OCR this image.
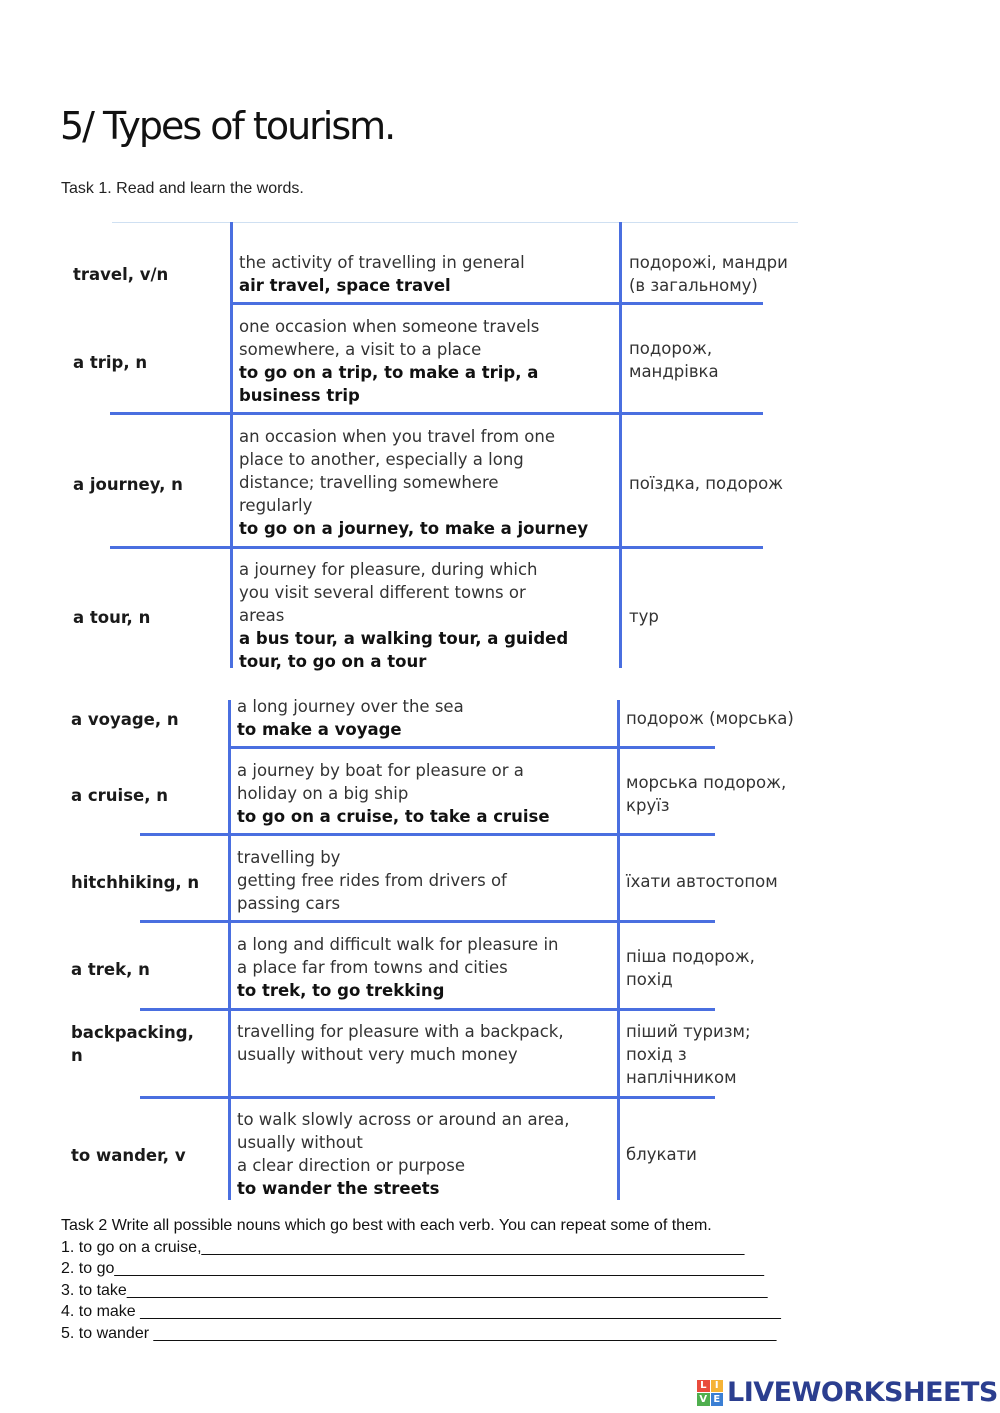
5/ Types of tourism.
Task 1. Read and learn the words.
travel, v/n
the activity of travelling in general
air travel, space travel
подорожі, мандри
(в загальному)
a trip, n
one occasion when someone travels
somewhere, a visit to a place
to go on a trip, to make a trip, a
business trip
подорож,
мандрівка
a journey, n
an occasion when you travel from one
place to another, especially a long
distance; travelling somewhere
regularly
to go on a journey, to make a journey
поїздка, подорож
a tour, n
a journey for pleasure, during which
you visit several different towns or
areas
a bus tour, a walking tour, a guided
tour, to go on a tour
тур
a voyage, n
a long journey over the sea
to make a voyage
подорож (морська)
a cruise, n
a journey by boat for pleasure or a
holiday on a big ship
to go on a cruise, to take a cruise
морська подорож,
круїз
hitchhiking, n
travelling by
getting free rides from drivers of
passing cars
їхати автостопом
a trek, n
a long and difficult walk for pleasure in
a place far from towns and cities
to trek, to go trekking
піша подорож,
похід
backpacking,
n
travelling for pleasure with a backpack,
usually without very much money
піший туризм;
похід з
наплічником
to wander, v
to walk slowly across or around an area,
usually without
a clear direction or purpose
to wander the streets
блукати
Task 2 Write all possible nouns which go best with each verb. You can repeat some of them.
1. to go on a cruise,_____________________________________________________________
2. to go_________________________________________________________________________
3. to take________________________________________________________________________
4. to make ________________________________________________________________________
5. to wander ______________________________________________________________________
L I
V E LIVEWORKSHEETS
